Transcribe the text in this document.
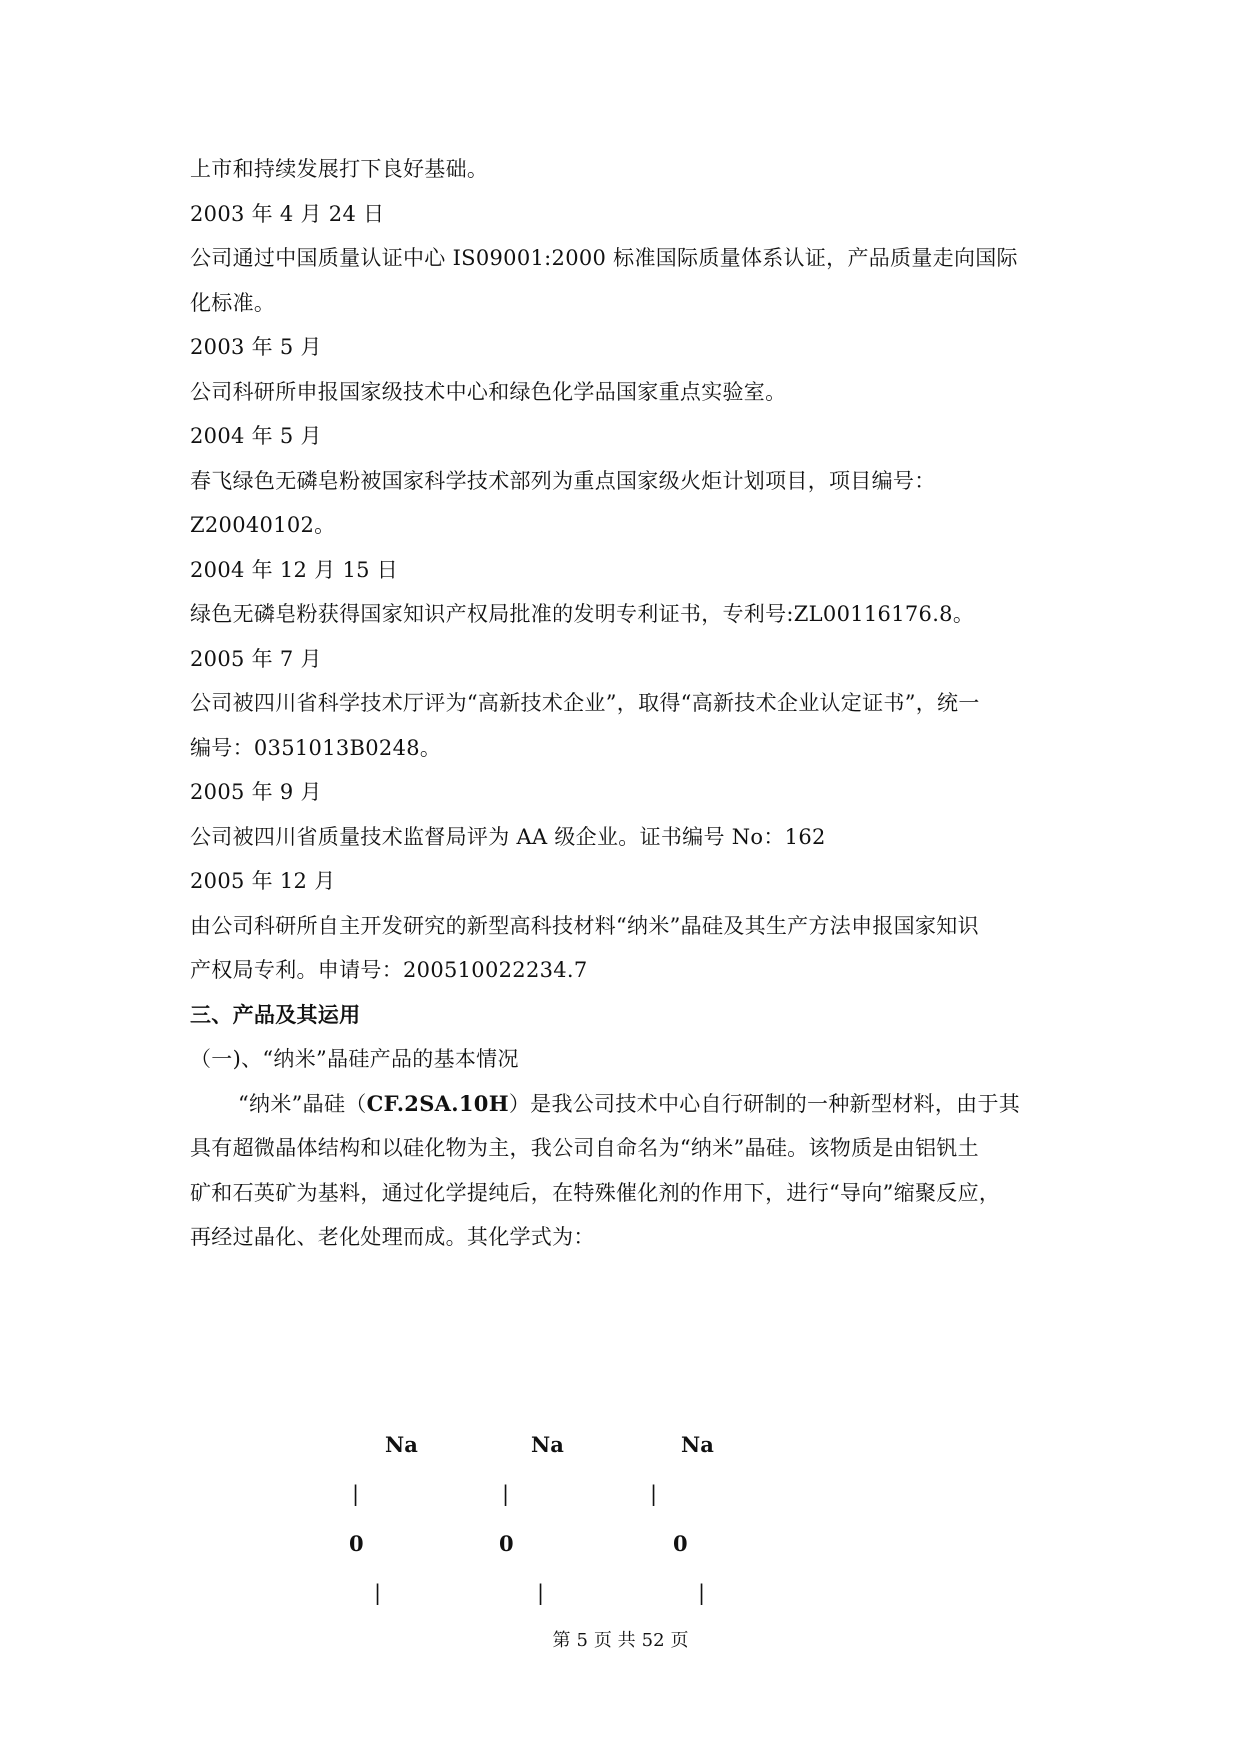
上市和持续发展打下良好基础。
2003 年 4 月 24 日
公司通过中国质量认证中心 IS09001:2000 标准国际质量体系认证，产品质量走向国际
化标准。
2003 年 5 月
公司科研所申报国家级技术中心和绿色化学品国家重点实验室。
2004 年 5 月
春飞绿色无磷皂粉被国家科学技术部列为重点国家级火炬计划项目，项目编号：
Z20040102。
2004 年 12 月 15 日
绿色无磷皂粉获得国家知识产权局批准的发明专利证书，专利号:ZL00116176.8。
2005 年 7 月
公司被四川省科学技术厅评为“高新技术企业”，取得“高新技术企业认定证书”，统一
编号：0351013B0248。
2005 年 9 月
公司被四川省质量技术监督局评为 AA 级企业。证书编号 No：162
2005 年 12 月
由公司科研所自主开发研究的新型高科技材料“纳米”晶硅及其生产方法申报国家知识
产权局专利。申请号：200510022234.7
三、产品及其运用
（一)、“纳米”晶硅产品的基本情况
“纳米”晶硅（CF.2SA.10H）是我公司技术中心自行研制的一种新型材料，由于其
具有超微晶体结构和以硅化物为主，我公司自命名为“纳米”晶硅。该物质是由铝钒土
矿和石英矿为基料，通过化学提纯后，在特殊催化剂的作用下，进行“导向”缩聚反应，
再经过晶化、老化处理而成。其化学式为：
Na	Na	Na
|	|	|
0	0	0
|	|	|
第 5 页 共 52 页
